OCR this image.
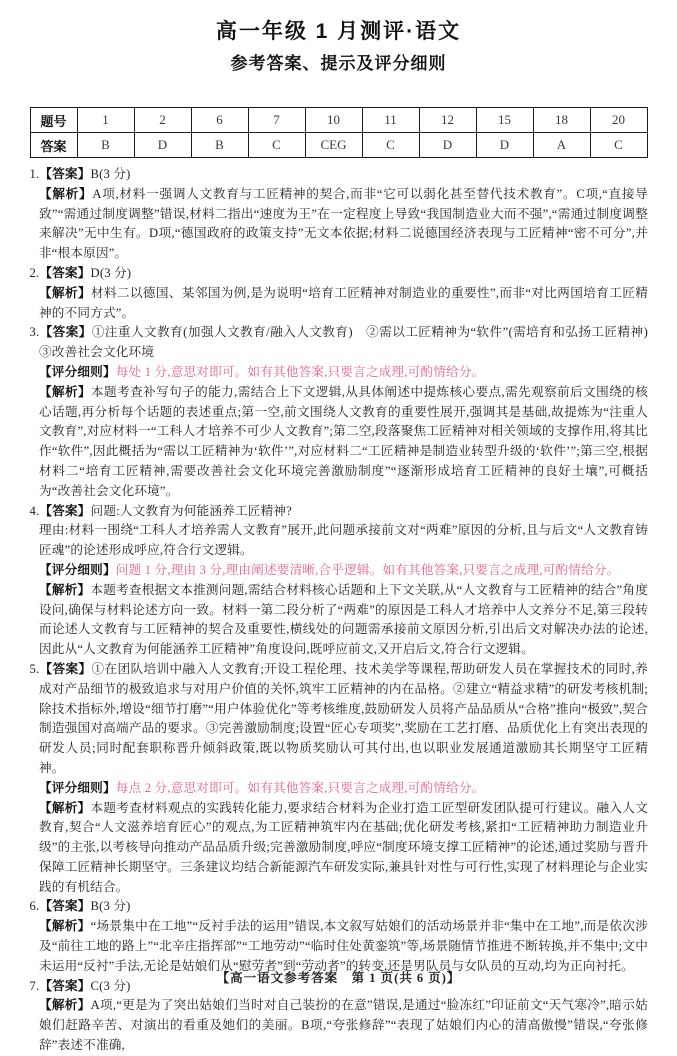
高一年级 1 月测评·语文
参考答案、提示及评分细则
题号	1	2	6	7	10	11	12	15	18	20
答案	B	D	B	C	CEG	C	D	D	A	C

1.【答案】B(3 分)

【解析】A项,材料一强调人文教育与工匠精神的契合,而非“它可以弱化甚至替代技术教育”。C项,“直接导致”“需通过制度调整”错误,材料二指出“速度为王”在一定程度上导致“我国制造业大而不强”,“需通过制度调整来解决”无中生有。D项,“德国政府的政策支持”无文本依据;材料二说德国经济表现与工匠精神“密不可分”,并非“根本原因”。

2.【答案】D(3 分)

【解析】材料二以德国、某邻国为例,是为说明“培育工匠精神对制造业的重要性”,而非“对比两国培育工匠精神的不同方式”。

3.【答案】①注重人文教育(加强人文教育/融入人文教育)　②需以工匠精神为“软件”(需培育和弘扬工匠精神)　③改善社会文化环境

【评分细则】每处 1 分,意思对即可。如有其他答案,只要言之成理,可酌情给分。

【解析】本题考查补写句子的能力,需结合上下文逻辑,从具体阐述中提炼核心要点,需先观察前后文围绕的核心话题,再分析每个话题的表述重点;第一空,前文围绕人文教育的重要性展开,强调其是基础,故提炼为“注重人文教育”,对应材料一“工科人才培养不可少人文教育”;第二空,段落聚焦工匠精神对相关领域的支撑作用,将其比作“软件”,因此概括为“需以工匠精神为‘软件’”,对应材料二“工匠精神是制造业转型升级的‘软件’”;第三空,根据材料二“培育工匠精神,需要改善社会文化环境完善激励制度”“逐渐形成培育工匠精神的良好土壤”,可概括为“改善社会文化环境”。

4.【答案】问题:人文教育为何能涵养工匠精神?

理由:材料一围绕“工科人才培养需人文教育”展开,此问题承接前文对“两难”原因的分析,且与后文“人文教育铸匠魂”的论述形成呼应,符合行文逻辑。

【评分细则】问题 1 分,理由 3 分,理由阐述要清晰,合乎逻辑。如有其他答案,只要言之成理,可酌情给分。

【解析】本题考查根据文本推测问题,需结合材料核心话题和上下文关联,从“人文教育与工匠精神的结合”角度设问,确保与材料论述方向一致。材料一第二段分析了“两难”的原因是工科人才培养中人文养分不足,第三段转而论述人文教育与工匠精神的契合及重要性,横线处的问题需承接前文原因分析,引出后文对解决办法的论述,因此从“人文教育为何能涵养工匠精神”角度设问,既呼应前文,又开启后文,符合行文逻辑。

5.【答案】①在团队培训中融入人文教育;开设工程伦理、技术美学等课程,帮助研发人员在掌握技术的同时,养成对产品细节的极致追求与对用户价值的关怀,筑牢工匠精神的内在品格。②建立“精益求精”的研发考核机制;除技术指标外,增设“细节打磨”“用户体验优化”等考核维度,鼓励研发人员将产品品质从“合格”推向“极致”,契合制造强国对高端产品的要求。③完善激励制度;设置“匠心专项奖”,奖励在工艺打磨、品质优化上有突出表现的研发人员;同时配套职称晋升倾斜政策,既以物质奖励认可其付出,也以职业发展通道激励其长期坚守工匠精神。

【评分细则】每点 2 分,意思对即可。如有其他答案,只要言之成理,可酌情给分。

【解析】本题考查材料观点的实践转化能力,要求结合材料为企业打造工匠型研发团队提可行建议。融入人文教育,契合“人文滋养培育匠心”的观点,为工匠精神筑牢内在基础;优化研发考核,紧扣“工匠精神助力制造业升级”的主张,以考核导向推动产品品质升级;完善激励制度,呼应“制度环境支撑工匠精神”的论述,通过奖励与晋升保障工匠精神长期坚守。三条建议均结合新能源汽车研发实际,兼具针对性与可行性,实现了材料理论与企业实践的有机结合。

6.【答案】B(3 分)

【解析】“场景集中在工地”“反衬手法的运用”错误,本文叙写姑娘们的活动场景并非“集中在工地”,而是依次涉及“前往工地的路上”“北辛庄指挥部”“工地劳动”“临时住处黄銮筑”等,场景随情节推进不断转换,并不集中;文中未运用“反衬”手法,无论是姑娘们从“慰劳者”到“劳动者”的转变,还是男队员与女队员的互动,均为正向衬托。

7.【答案】C(3 分)

【解析】A项,“更是为了突出姑娘们当时对自己装扮的在意”错误,是通过“脸冻红”印证前文“天气寒冷”,暗示姑娘们赶路辛苦、对演出的看重及她们的美丽。B项,“夸张修辞”“表现了姑娘们内心的清高傲慢”错误,“夸张修辞”表述不准确,

【高一语文参考答案　第 1 页(共 6 页)】
